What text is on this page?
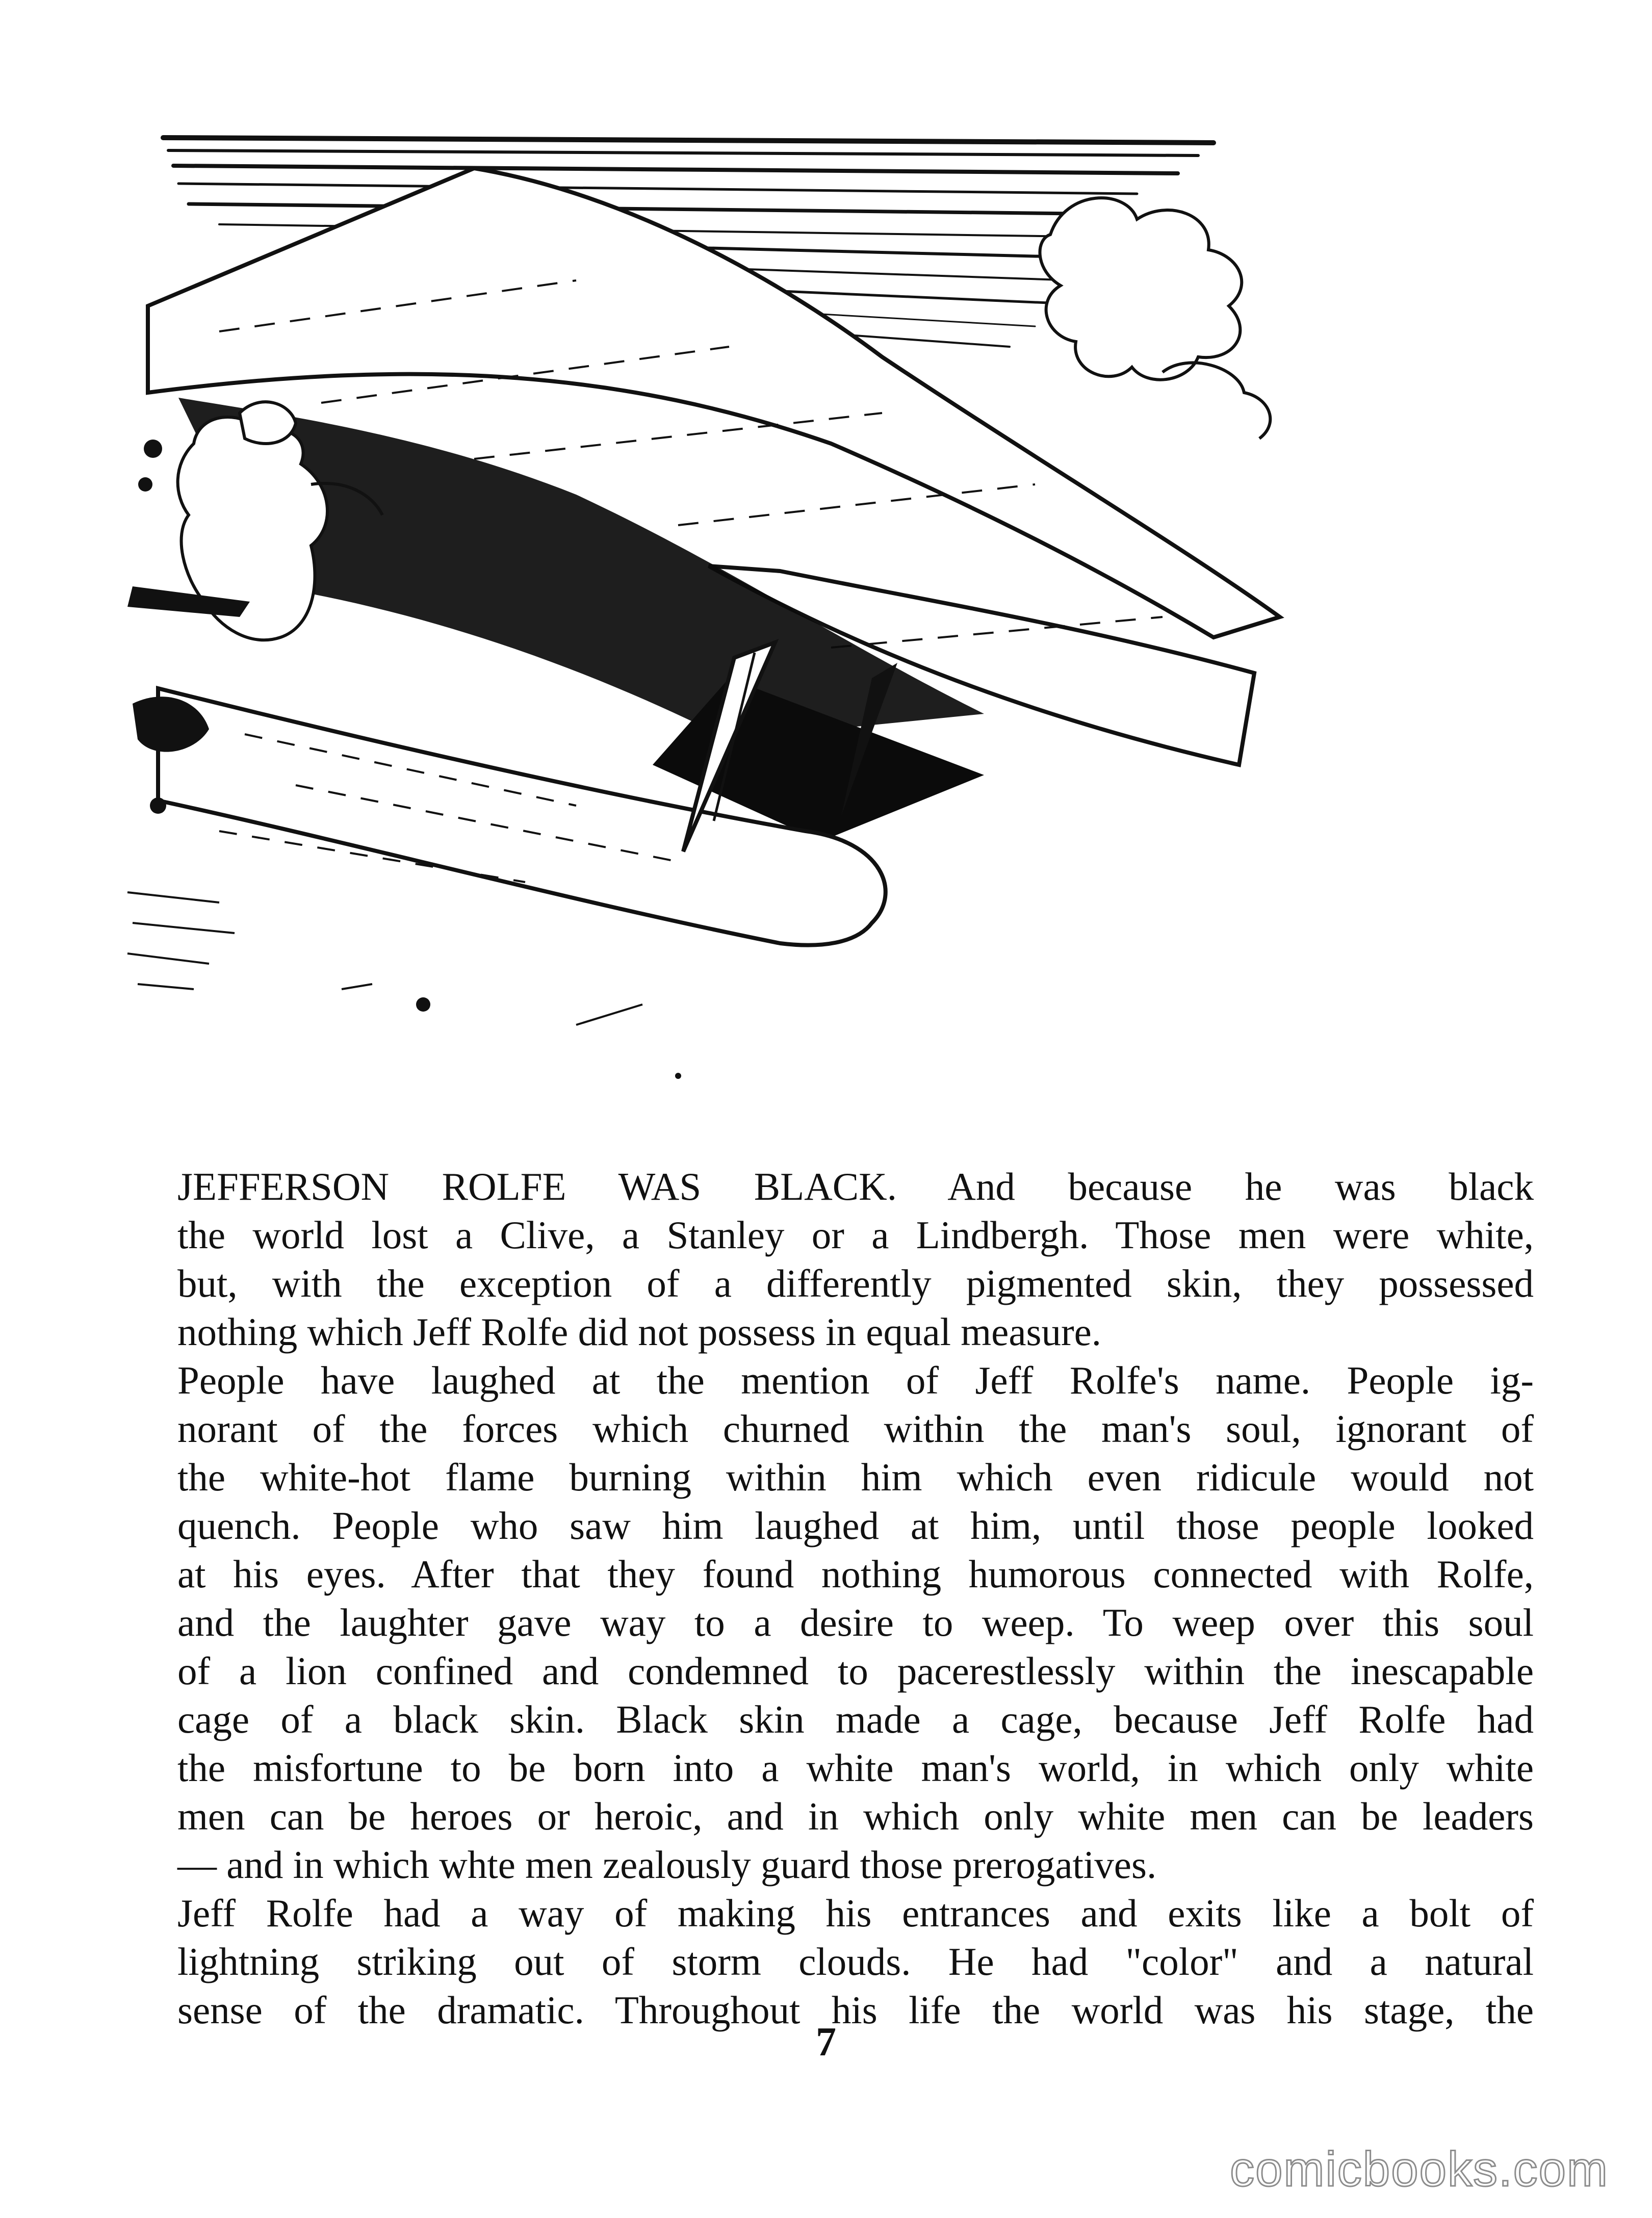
JEFFERSON ROLFE WAS BLACK. And because he was black
the world lost a Clive, a Stanley or a Lindbergh. Those men were white,
but, with the exception of a differently pigmented skin, they possessed
nothing which Jeff Rolfe did not possess in equal measure.

People have laughed at the mention of Jeff Rolfe's name. People ig-
norant of the forces which churned within the man's soul, ignorant of
the white-hot flame burning within him which even ridicule would not
quench. People who saw him laughed at him, until those people looked
at his eyes. After that they found nothing humorous connected with Rolfe,
and the laughter gave way to a desire to weep. To weep over this soul
of a lion confined and condemned to pacerestlessly within the inescapable
cage of a black skin. Black skin made a cage, because Jeff Rolfe had
the misfortune to be born into a white man's world, in which only white
men can be heroes or heroic, and in which only white men can be leaders
— and in which whte men zealously guard those prerogatives.

Jeff Rolfe had a way of making his entrances and exits like a bolt of
lightning striking out of storm clouds. He had "color" and a natural
sense of the dramatic. Throughout his life the world was his stage, the

7
comicbooks.com
